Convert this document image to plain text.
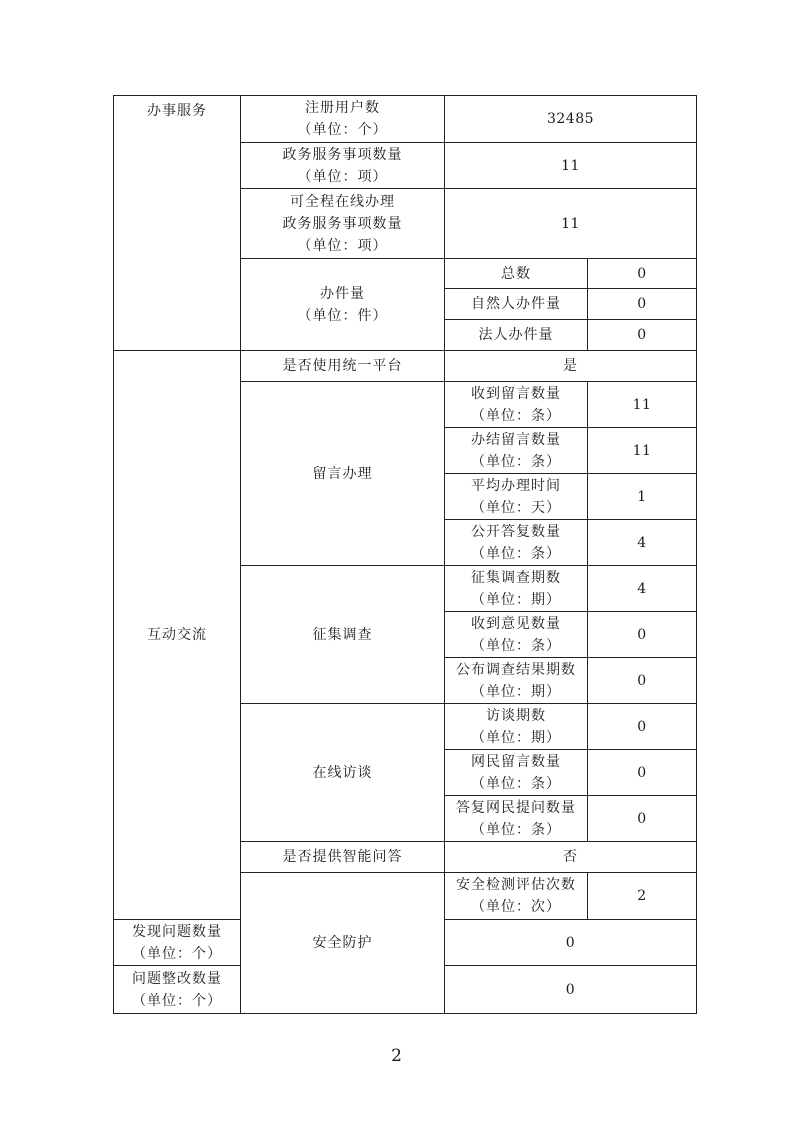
办事服务	注册用户数
（单位：个）	32485	

	政务服务事项数量
（单位：项）	11	

	可全程在线办理
政务服务事项数量
（单位：项）	11	

	办件量
（单位：件）	总数	0
		自然人办件量	0
		法人办件量	0
互动交流	是否使用统一平台	是	
	留言办理	收到留言数量
（单位：条）	11

		办结留言数量
（单位：条）	11

		平均办理时间
（单位：天）	1

		公开答复数量
（单位：条）	4
	征集调查	征集调查期数
（单位：期）	4

		收到意见数量
（单位：条）	0

		公布调查结果期数
（单位：期）	0
	在线访谈	访谈期数
（单位：期）	0

		网民留言数量
（单位：条）	0

		答复网民提问数量
（单位：条）	0
	是否提供智能问答	否	
	安全防护	安全检测评估次数
（单位：次）	2

发现问题数量
（单位：个）		0	

问题整改数量
（单位：个）		0	
2
